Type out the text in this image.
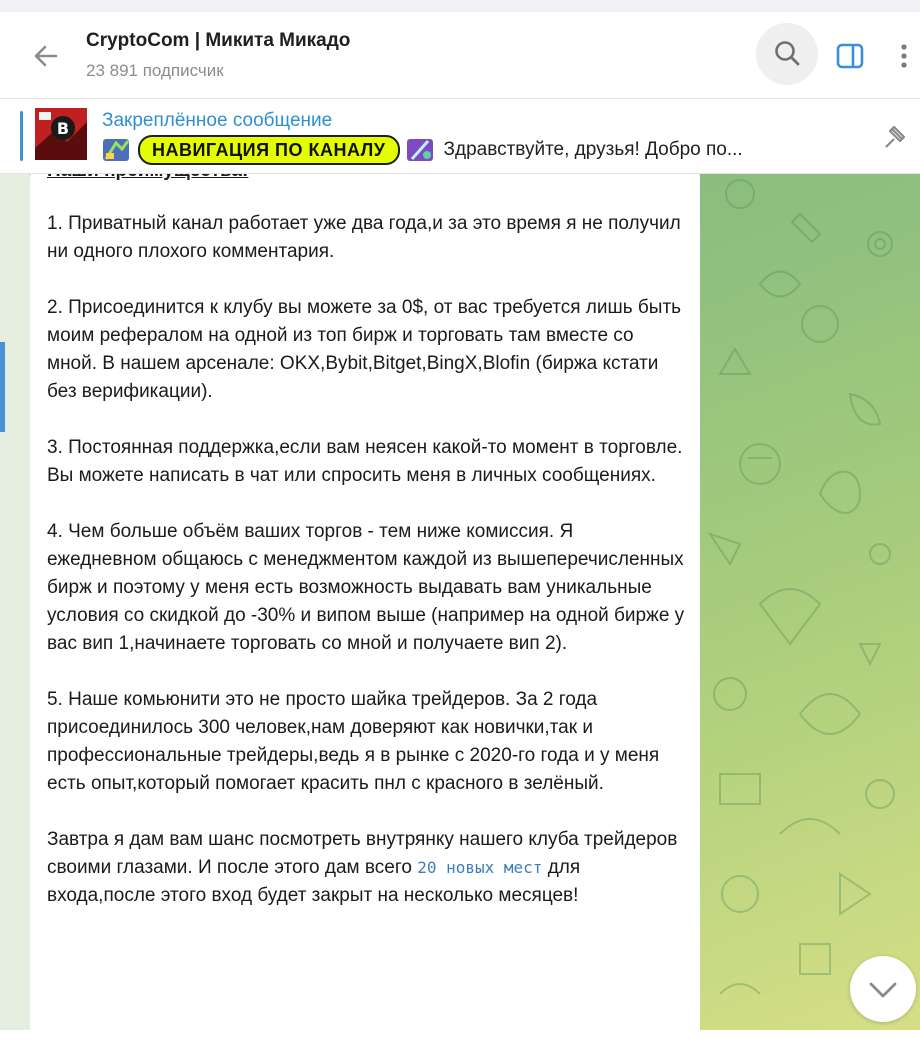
CryptoCom | Микита Микадо
23 891 подписчик
B Закреплённое сообщение
НАВИГАЦИЯ ПО КАНАЛУ	Здравствуйте, друзья! Добро по...

1. Приватный канал работает уже два года,и за это время я не получил ни одного плохого комментария.

2. Присоединится к клубу вы можете за 0$, от вас требуется лишь быть моим рефералом на одной из топ бирж и торговать там вместе со мной. В нашем арсенале: OKX,Bybit,Bitget,BingX,Blofin (биржа кстати без верификации).

3. Постоянная поддержка,если вам неясен какой-то момент в торговле. Вы можете написать в чат или спросить меня в личных сообщениях.

4. Чем больше объём ваших торгов - тем ниже комиссия. Я ежедневном общаюсь с менеджментом каждой из вышеперечисленных бирж и поэтому у меня есть возможность выдавать вам уникальные условия со скидкой до -30% и випом выше (например на одной бирже у вас вип 1,начинаете торговать со мной и получаете вип 2).

5. Наше комьюнити это не просто шайка трейдеров. За 2 года присоединилось 300 человек,нам доверяют как новички,так и профессиональные трейдеры,ведь я в рынке с 2020-го года и у меня есть опыт,который помогает красить пнл с красного в зелёный.

Завтра я дам вам шанс посмотреть внутрянку нашего клуба трейдеров своими глазами. И после этого дам всего 20 новых мест для входа,после этого вход будет закрыт на несколько месяцев!
